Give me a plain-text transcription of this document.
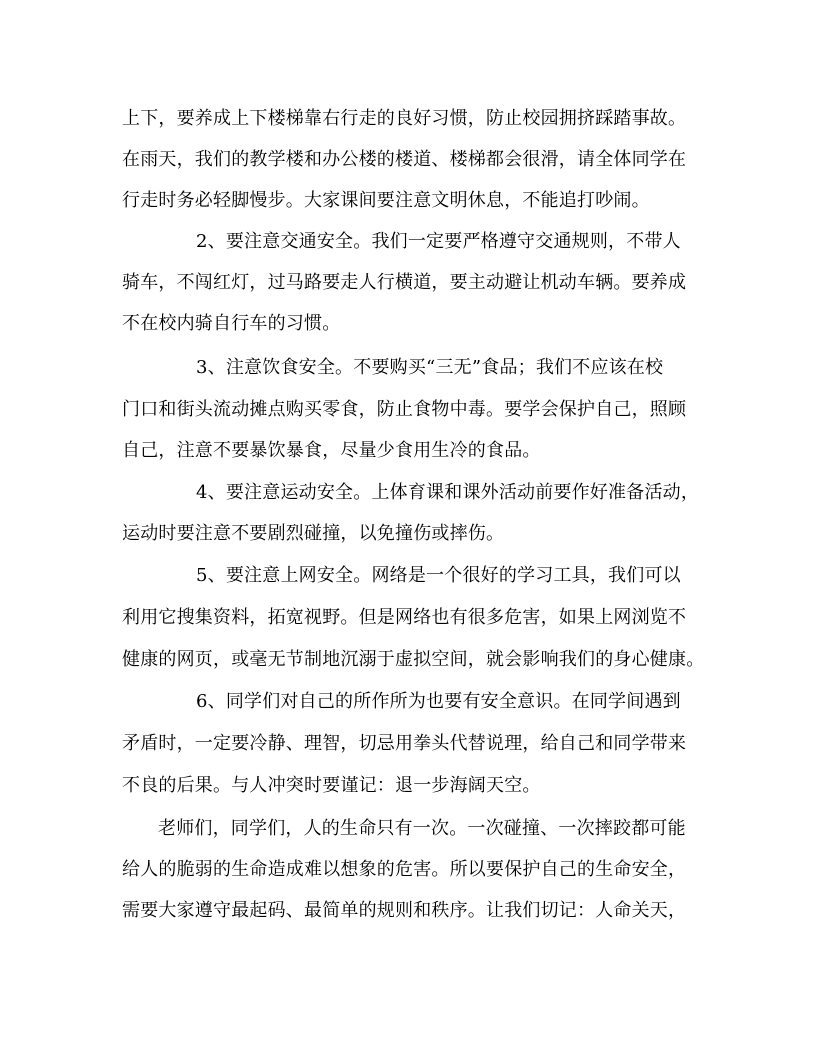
上下，要养成上下楼梯靠右行走的良好习惯，防止校园拥挤踩踏事故。
在雨天，我们的教学楼和办公楼的楼道、楼梯都会很滑，请全体同学在
行走时务必轻脚慢步。大家课间要注意文明休息，不能追打吵闹。
2、要注意交通安全。我们一定要严格遵守交通规则，不带人
骑车，不闯红灯，过马路要走人行横道，要主动避让机动车辆。要养成
不在校内骑自行车的习惯。
3、注意饮食安全。不要购买“三无”食品；我们不应该在校
门口和街头流动摊点购买零食，防止食物中毒。要学会保护自己，照顾
自己，注意不要暴饮暴食，尽量少食用生冷的食品。
4、要注意运动安全。上体育课和课外活动前要作好准备活动，
运动时要注意不要剧烈碰撞，以免撞伤或摔伤。
5、要注意上网安全。网络是一个很好的学习工具，我们可以
利用它搜集资料，拓宽视野。但是网络也有很多危害，如果上网浏览不
健康的网页，或毫无节制地沉溺于虚拟空间，就会影响我们的身心健康。
6、同学们对自己的所作所为也要有安全意识。在同学间遇到
矛盾时，一定要冷静、理智，切忌用拳头代替说理，给自己和同学带来
不良的后果。与人冲突时要谨记：退一步海阔天空。
老师们，同学们，人的生命只有一次。一次碰撞、一次摔跤都可能
给人的脆弱的生命造成难以想象的危害。所以要保护自己的生命安全，
需要大家遵守最起码、最简单的规则和秩序。让我们切记：人命关天，
